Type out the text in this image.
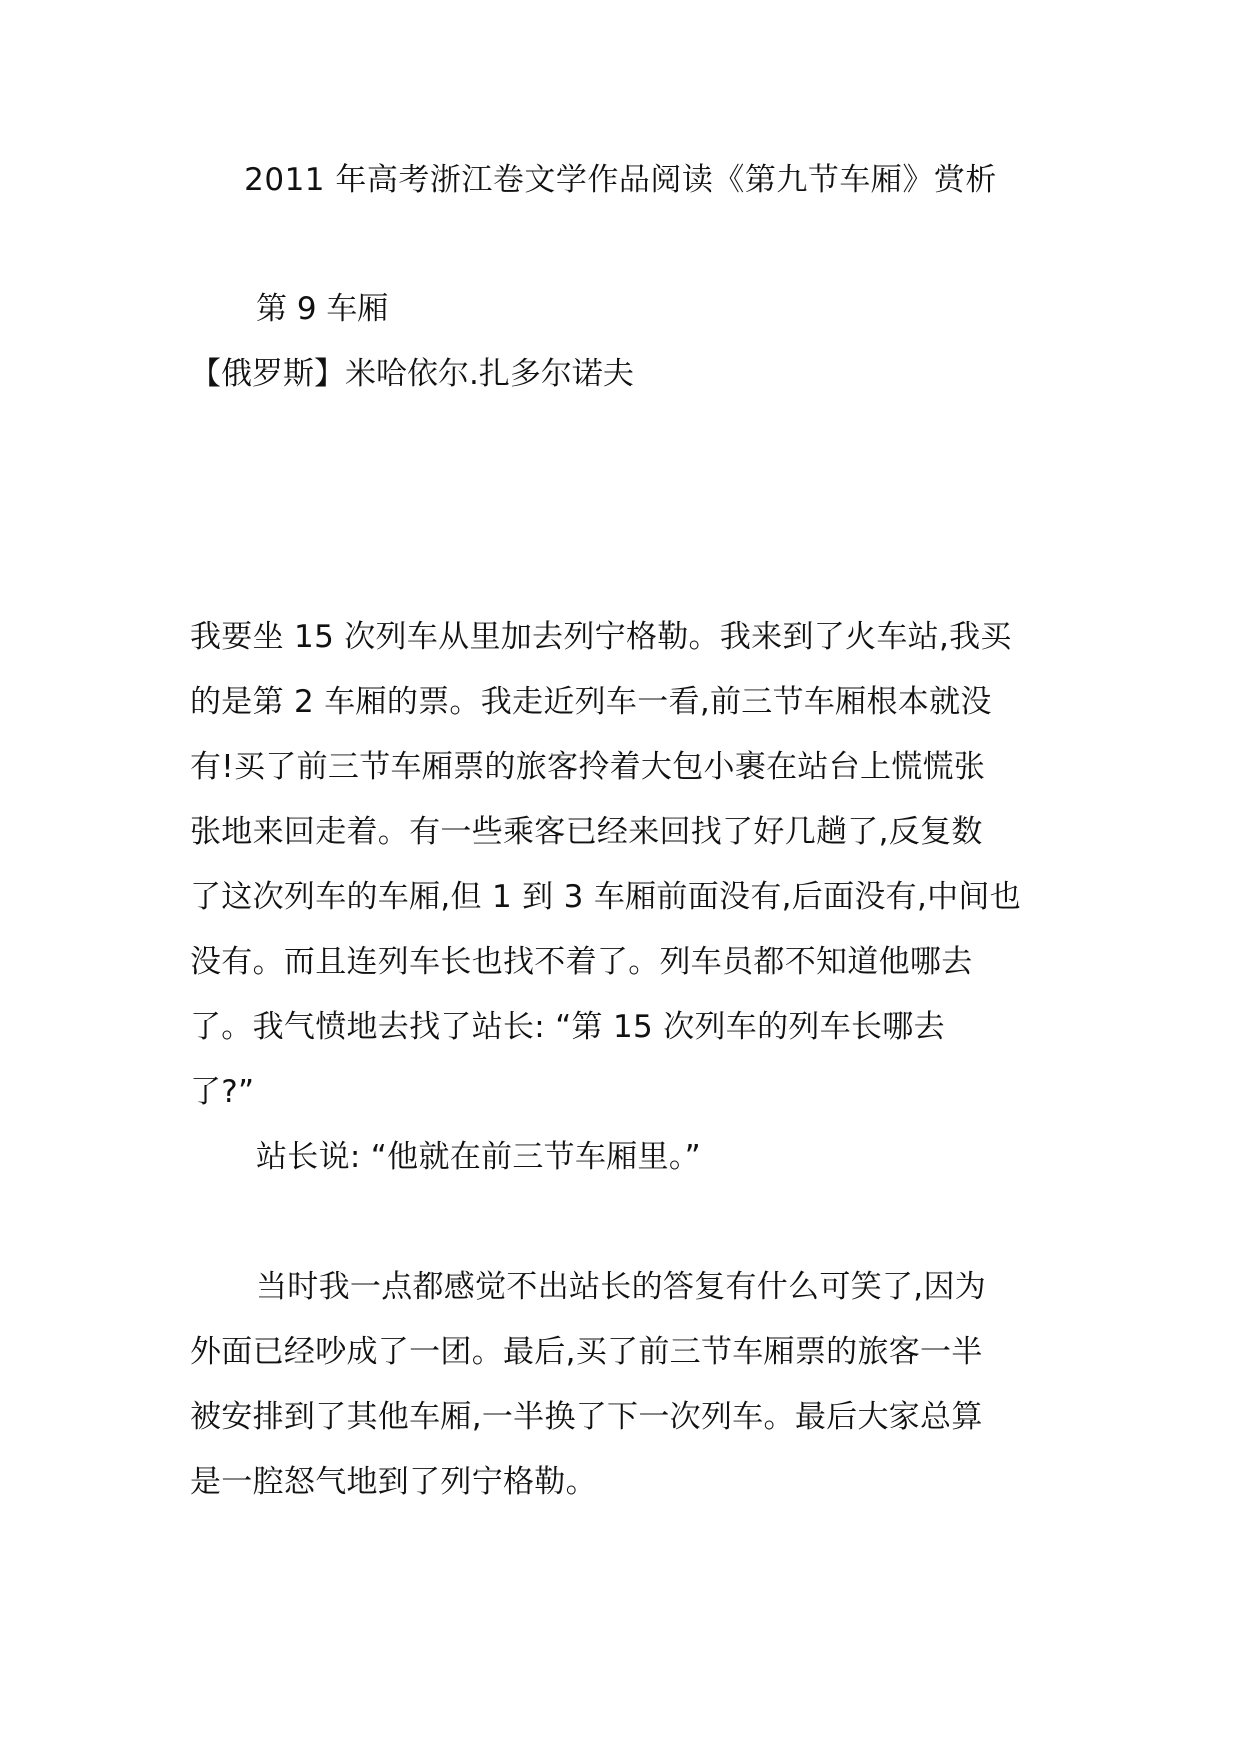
2011 年高考浙江卷文学作品阅读《第九节车厢》赏析
第 9 车厢
【俄罗斯】米哈依尔.扎多尔诺夫
我要坐 15 次列车从里加去列宁格勒。我来到了火车站,我买
的是第 2 车厢的票。我走近列车一看,前三节车厢根本就没
有!买了前三节车厢票的旅客拎着大包小裹在站台上慌慌张
张地来回走着。有一些乘客已经来回找了好几趟了,反复数
了这次列车的车厢,但 1 到 3 车厢前面没有,后面没有,中间也
没有。而且连列车长也找不着了。列车员都不知道他哪去
了。我气愤地去找了站长: “第 15 次列车的列车长哪去
了?”
站长说: “他就在前三节车厢里。”
当时我一点都感觉不出站长的答复有什么可笑了,因为
外面已经吵成了一团。最后,买了前三节车厢票的旅客一半
被安排到了其他车厢,一半换了下一次列车。最后大家总算
是一腔怒气地到了列宁格勒。
